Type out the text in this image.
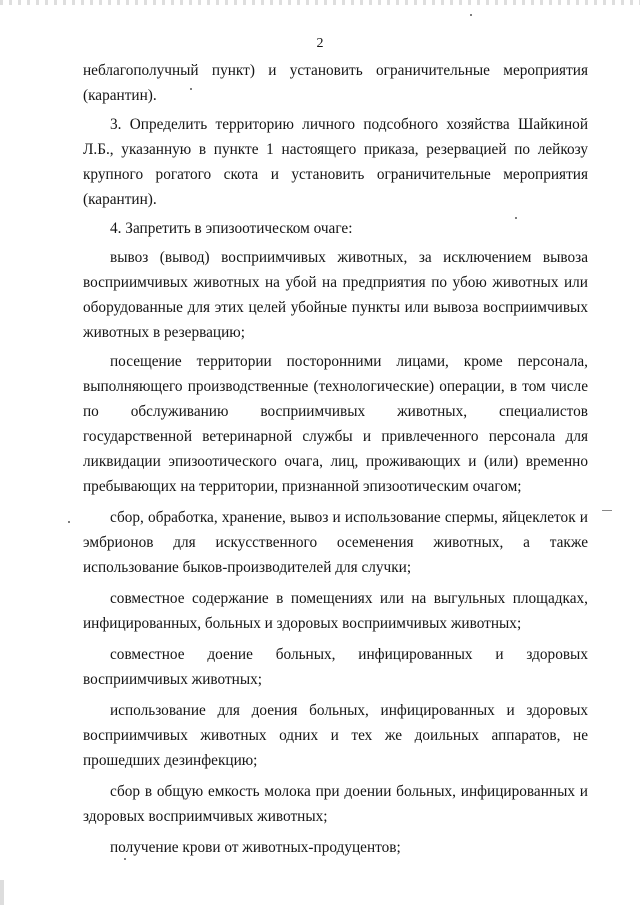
2

неблагополучный пункт) и установить ограничительные мероприятия (карантин).

3. Определить территорию личного подсобного хозяйства Шайкиной Л.Б., указанную в пункте 1 настоящего приказа, резервацией по лейкозу крупного рогатого скота и установить ограничительные мероприятия (карантин).

4. Запретить в эпизоотическом очаге:

вывоз (вывод) восприимчивых животных, за исключением вывоза восприимчивых животных на убой на предприятия по убою животных или оборудованные для этих целей убойные пункты или вывоза восприимчивых животных в резервацию;

посещение территории посторонними лицами, кроме персонала, выполняющего производственные (технологические) операции, в том числе по обслуживанию восприимчивых животных, специалистов государственной ветеринарной службы и привлеченного персонала для ликвидации эпизоотического очага, лиц, проживающих и (или) временно пребывающих на территории, признанной эпизоотическим очагом;

сбор, обработка, хранение, вывоз и использование спермы, яйцеклеток и эмбрионов для искусственного осеменения животных, а также использование быков-производителей для случки;

совместное содержание в помещениях или на выгульных площадках, инфицированных, больных и здоровых восприимчивых животных;

совместное доение больных, инфицированных и здоровых восприимчивых животных;

использование для доения больных, инфицированных и здоровых восприимчивых животных одних и тех же доильных аппаратов, не прошедших дезинфекцию;

сбор в общую емкость молока при доении больных, инфицированных и здоровых восприимчивых животных;

получение крови от животных-продуцентов;
